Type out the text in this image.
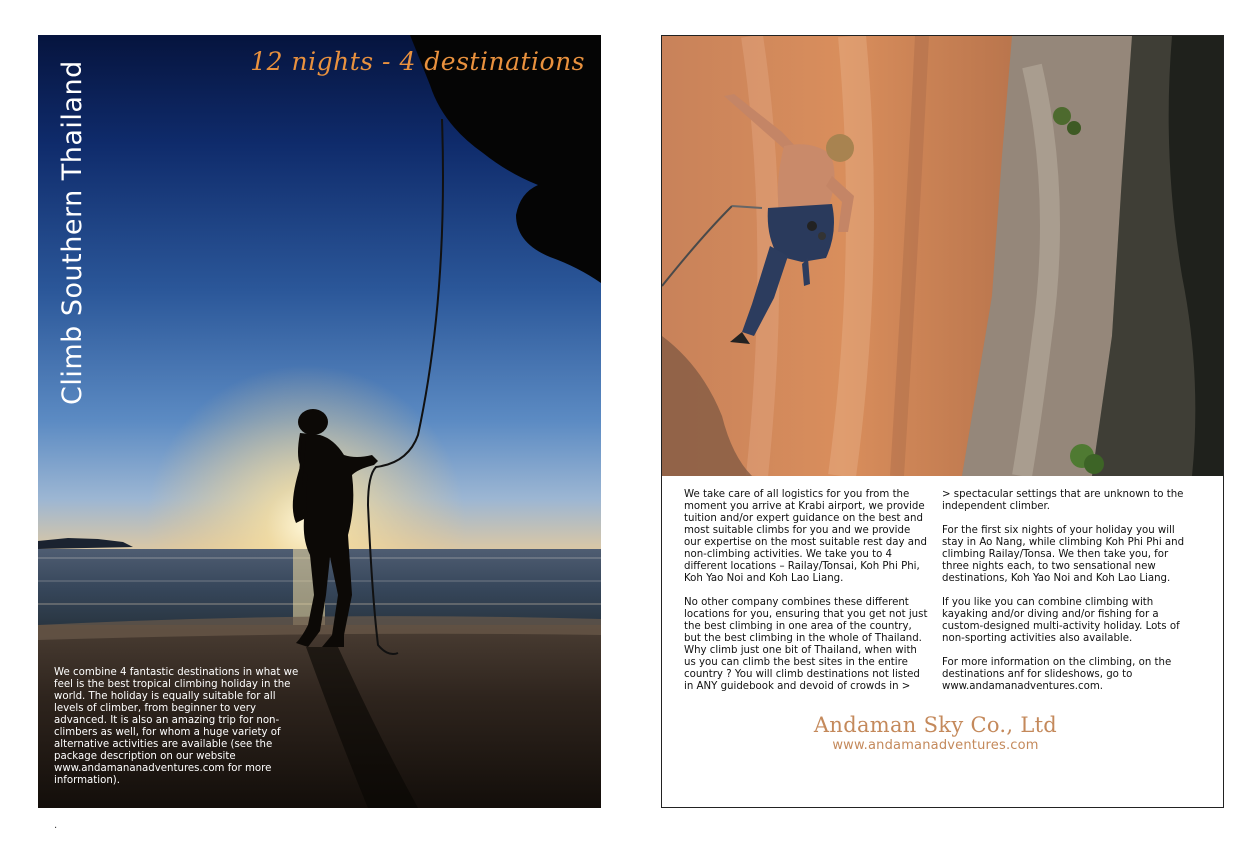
Climb Southern Thailand	12 nights - 4 destinations
We combine 4 fantastic destinations in what we feel is the best tropical climbing holiday in the world. The holiday is equally suitable for all levels of climber, from beginner to very advanced. It is also an amazing trip for non-climbers as well, for whom a huge variety of alternative activities are available (see the package description on our website www.andamananadventures.com for more information).

We take care of all logistics for you from the moment you arrive at Krabi airport, we provide tuition and/or expert guidance on the best and most suitable climbs for you and we provide our expertise on the most suitable rest day and non-climbing activities. We take you to 4 different locations – Railay/Tonsai, Koh Phi Phi, Koh Yao Noi and Koh Lao Liang.

No other company combines these different locations for you, ensuring that you get not just the best climbing in one area of the country, but the best climbing in the whole of Thailand. Why climb just one bit of Thailand, when with us you can climb the best sites in the entire country ? You will climb destinations not listed in ANY guidebook and devoid of crowds in >

> spectacular settings that are unknown to the independent climber.

For the first six nights of your holiday you will stay in Ao Nang, while climbing Koh Phi Phi and climbing Railay/Tonsa. We then take you, for three nights each, to two sensational new destinations, Koh Yao Noi and Koh Lao Liang.

If you like you can combine climbing with kayaking and/or diving and/or fishing for a custom-designed multi-activity holiday. Lots of non-sporting activities also available.

For more information on the climbing, on the destinations anf for slideshows, go to www.andamanadventures.com.

Andaman Sky Co., Ltd
www.andamanadventures.com
.
